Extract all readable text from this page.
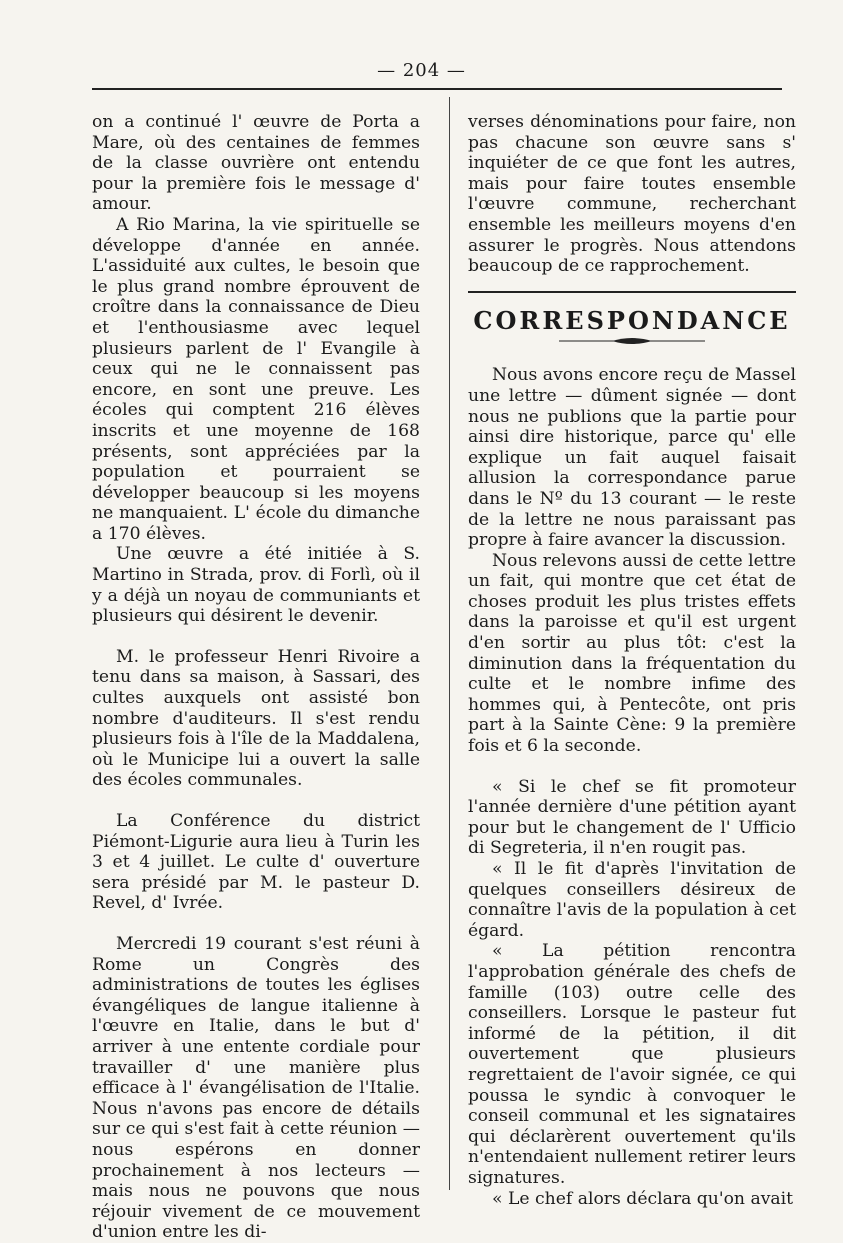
— 204 —

on a continué l' œuvre de Porta a Mare, où des centaines de femmes de la classe ouvrière ont entendu pour la première fois le message d' amour.

A Rio Marina, la vie spirituelle se développe d'année en année. L'assiduité aux cultes, le besoin que le plus grand nombre éprouvent de croître dans la connaissance de Dieu et l'enthousiasme avec lequel plusieurs parlent de l' Evangile à ceux qui ne le connaissent pas encore, en sont une preuve. Les écoles qui comptent 216 élèves inscrits et une moyenne de 168 présents, sont appréciées par la population et pourraient se développer beaucoup si les moyens ne manquaient. L' école du dimanche a 170 élèves.

Une œuvre a été initiée à S. Martino in Strada, prov. di Forlì, où il y a déjà un noyau de communiants et plusieurs qui désirent le devenir.

M. le professeur Henri Rivoire a tenu dans sa maison, à Sassari, des cultes auxquels ont assisté bon nombre d'auditeurs. Il s'est rendu plusieurs fois à l'île de la Maddalena, où le Municipe lui a ouvert la salle des écoles communales.

La Conférence du district Piémont-Ligurie aura lieu à Turin les 3 et 4 juillet. Le culte d' ouverture sera présidé par M. le pasteur D. Revel, d' Ivrée.

Mercredi 19 courant s'est réuni à Rome un Congrès des administrations de toutes les églises évangéliques de langue italienne à l'œuvre en Italie, dans le but d' arriver à une entente cordiale pour travailler d' une manière plus efficace à l' évangélisation de l'Italie. Nous n'avons pas encore de détails sur ce qui s'est fait à cette réunion — nous espérons en donner prochainement à nos lecteurs — mais nous ne pouvons que nous réjouir vivement de ce mouvement d'union entre les di-

verses dénominations pour faire, non pas chacune son œuvre sans s' inquiéter de ce que font les autres, mais pour faire toutes ensemble l'œuvre commune, recherchant ensemble les meilleurs moyens d'en assurer le progrès. Nous attendons beaucoup de ce rapprochement.

CORRESPONDANCE

Nous avons encore reçu de Massel une lettre — dûment signée — dont nous ne publions que la partie pour ainsi dire historique, parce qu' elle explique un fait auquel faisait allusion la correspondance parue dans le Nº du 13 courant — le reste de la lettre ne nous paraissant pas propre à faire avancer la discussion.

Nous relevons aussi de cette lettre un fait, qui montre que cet état de choses produit les plus tristes effets dans la paroisse et qu'il est urgent d'en sortir au plus tôt: c'est la diminution dans la fréquentation du culte et le nombre infime des hommes qui, à Pentecôte, ont pris part à la Sainte Cène: 9 la première fois et 6 la seconde.

« Si le chef se fit promoteur l'année dernière d'une pétition ayant pour but le changement de l' Ufficio di Segreteria, il n'en rougit pas.

« Il le fit d'après l'invitation de quelques conseillers désireux de connaître l'avis de la population à cet égard.

« La pétition rencontra l'approbation générale des chefs de famille (103) outre celle des conseillers. Lorsque le pasteur fut informé de la pétition, il dit ouvertement que plusieurs regrettaient de l'avoir signée, ce qui poussa le syndic à convoquer le conseil communal et les signataires qui déclarèrent ouvertement qu'ils n'entendaient nullement retirer leurs signatures.

« Le chef alors déclara qu'on avait
